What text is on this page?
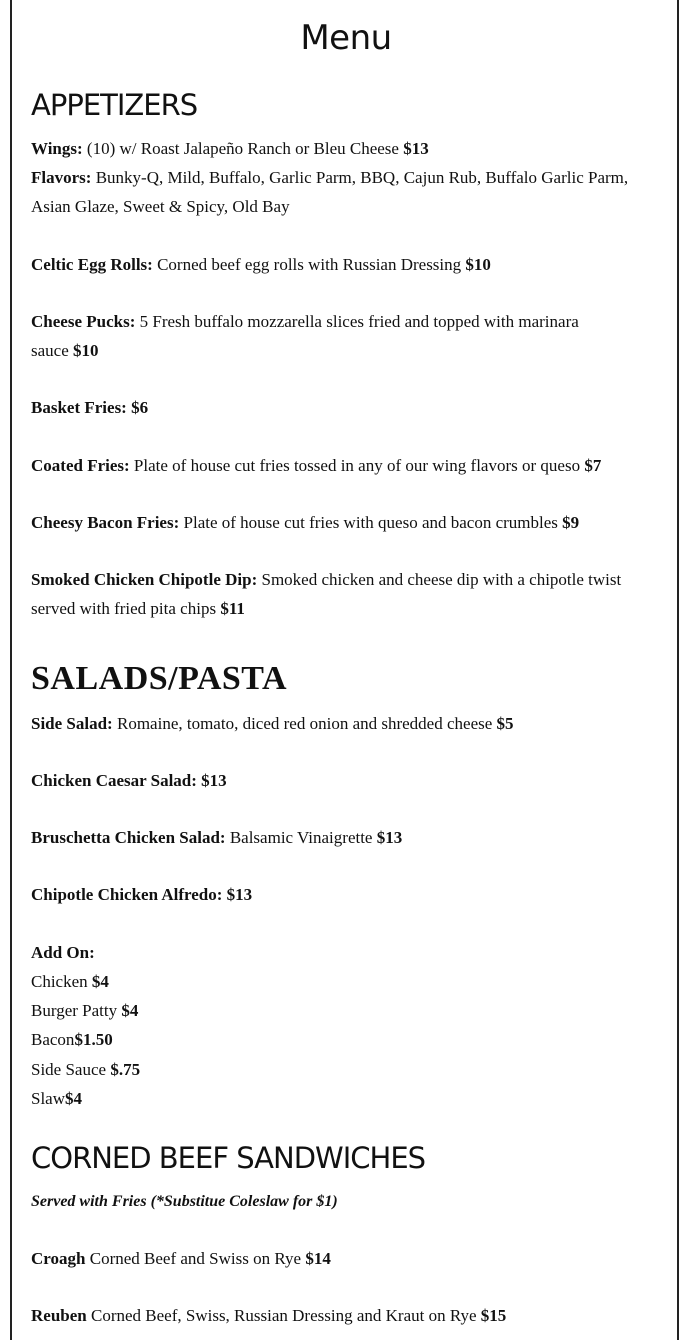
Menu
APPETIZERS
Wings: (10) w/ Roast Jalapeño Ranch or Bleu Cheese $13
Flavors: Bunky-Q, Mild, Buffalo, Garlic Parm, BBQ, Cajun Rub, Buffalo Garlic Parm,
Asian Glaze, Sweet & Spicy, Old Bay
Celtic Egg Rolls: Corned beef egg rolls with Russian Dressing $10
Cheese Pucks: 5 Fresh buffalo mozzarella slices fried and topped with marinara
sauce $10
Basket Fries: $6
Coated Fries: Plate of house cut fries tossed in any of our wing flavors or queso $7
Cheesy Bacon Fries: Plate of house cut fries with queso and bacon crumbles $9
Smoked Chicken Chipotle Dip: Smoked chicken and cheese dip with a chipotle twist
served with fried pita chips $11
SALADS/PASTA
Side Salad: Romaine, tomato, diced red onion and shredded cheese $5
Chicken Caesar Salad: $13
Bruschetta Chicken Salad: Balsamic Vinaigrette $13
Chipotle Chicken Alfredo: $13
Add On:
Chicken $4
Burger Patty $4
Bacon$1.50
Side Sauce $.75
Slaw$4
CORNED BEEF SANDWICHES
Served with Fries (*Substitue Coleslaw for $1)
Croagh Corned Beef and Swiss on Rye $14
Reuben Corned Beef, Swiss, Russian Dressing and Kraut on Rye $15
